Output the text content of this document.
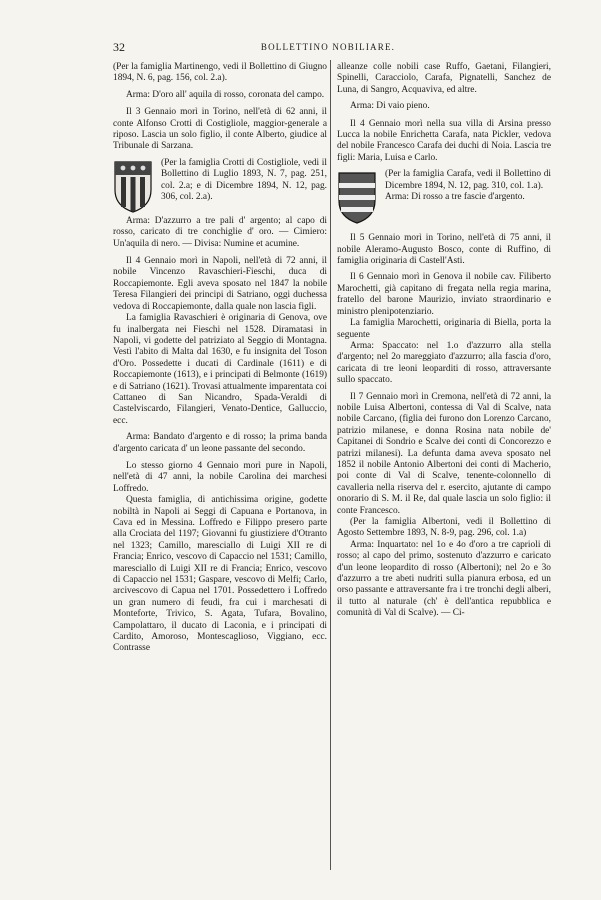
32	BOLLETTINO NOBILIARE.

(Per la famiglia Martinengo, vedi il Bollettino di Giugno 1894, N. 6, pag. 156, col. 2.a).

Arma: D'oro all' aquila di rosso, coronata del campo.

Il 3 Gennaio morì in Torino, nell'età di 62 anni, il conte Alfonso Crotti di Costigliole, maggior-generale a riposo. Lascia un solo figlio, il conte Alberto, giudice al Tribunale di Sarzana.

(Per la famiglia Crotti di Costigliole, vedi il Bollettino di Luglio 1893, N. 7, pag. 251, col. 2.a; e di Dicembre 1894, N. 12, pag. 306, col. 2.a).

Arma: D'azzurro a tre pali d' argento; al capo di rosso, caricato di tre conchiglie d' oro. — Cimiero: Un'aquila di nero. — Divisa: Numine et acumine.

Il 4 Gennaio morì in Napoli, nell'età di 72 anni, il nobile Vincenzo Ravaschieri-Fieschi, duca di Roccapiemonte. Egli aveva sposato nel 1847 la nobile Teresa Filangieri dei principi di Satriano, oggi duchessa vedova di Roccapiemonte, dalla quale non lascia figli.

La famiglia Ravaschieri è originaria di Genova, ove fu inalbergata nei Fieschi nel 1528. Diramatasi in Napoli, vi godette del patriziato al Seggio di Montagna. Vestì l'abito di Malta dal 1630, e fu insignita del Toson d'Oro. Possedette i ducati di Cardinale (1611) e di Roccapiemonte (1613), e i principati di Belmonte (1619) e di Satriano (1621). Trovasi attualmente imparentata coi Cattaneo di San Nicandro, Spada-Veraldi di Castelviscardo, Filangieri, Venato-Dentice, Galluccio, ecc.

Arma: Bandato d'argento e di rosso; la prima banda d'argento caricata d' un leone passante del secondo.

Lo stesso giorno 4 Gennaio morì pure in Napoli, nell'età di 47 anni, la nobile Carolina dei marchesi Loffredo.

Questa famiglia, di antichissima origine, godette nobiltà in Napoli ai Seggi di Capuana e Portanova, in Cava ed in Messina. Loffredo e Filippo presero parte alla Crociata del 1197; Giovanni fu giustiziere d'Otranto nel 1323; Camillo, maresciallo di Luigi XII re di Francia; Enrico, vescovo di Capaccio nel 1531; Camillo, maresciallo di Luigi XII re di Francia; Enrico, vescovo di Capaccio nel 1531; Gaspare, vescovo di Melfi; Carlo, arcivescovo di Capua nel 1701. Possedettero i Loffredo un gran numero di feudi, fra cui i marchesati di Monteforte, Trivico, S. Agata, Tufara, Bovalino, Campolattaro, il ducato di Laconia, e i principati di Cardito, Amoroso, Montescaglioso, Viggiano, ecc. Contrasse

alleanze colle nobili case Ruffo, Gaetani, Filangieri, Spinelli, Caracciolo, Carafa, Pignatelli, Sanchez de Luna, di Sangro, Acquaviva, ed altre.

Arma: Di vaio pieno.

Il 4 Gennaio morì nella sua villa di Arsina presso Lucca la nobile Enrichetta Carafa, nata Pickler, vedova del nobile Francesco Carafa dei duchi di Noia. Lascia tre figli: Maria, Luisa e Carlo.

(Per la famiglia Carafa, vedi il Bollettino di Dicembre 1894, N. 12, pag. 310, col. 1.a).

Arma: Di rosso a tre fascie d'argento.

Il 5 Gennaio morì in Torino, nell'età di 75 anni, il nobile Aleramo-Augusto Bosco, conte di Ruffino, di famiglia originaria di Castell'Asti.

Il 6 Gennaio morì in Genova il nobile cav. Filiberto Marochetti, già capitano di fregata nella regia marina, fratello del barone Maurizio, inviato straordinario e ministro plenipotenziario.

La famiglia Marochetti, originaria di Biella, porta la seguente

Arma: Spaccato: nel 1.o d'azzurro alla stella d'argento; nel 2o mareggiato d'azzurro; alla fascia d'oro, caricata di tre leoni leoparditi di rosso, attraversante sullo spaccato.

Il 7 Gennaio morì in Cremona, nell'età di 72 anni, la nobile Luisa Albertoni, contessa di Val di Scalve, nata nobile Carcano, (figlia dei furono don Lorenzo Carcano, patrizio milanese, e donna Rosina nata nobile de' Capitanei di Sondrio e Scalve dei conti di Concorezzo e patrizi milanesi). La defunta dama aveva sposato nel 1852 il nobile Antonio Albertoni dei conti di Macherio, poi conte di Val di Scalve, tenente-colonnello di cavalleria nella riserva del r. esercito, ajutante di campo onorario di S. M. il Re, dal quale lascia un solo figlio: il conte Francesco.

(Per la famiglia Albertoni, vedi il Bollettino di Agosto Settembre 1893, N. 8-9, pag. 296, col. 1.a)

Arma: Inquartato: nel 1o e 4o d'oro a tre caprioli di rosso; al capo del primo, sostenuto d'azzurro e caricato d'un leone leopardito di rosso (Albertoni); nel 2o e 3o d'azzurro a tre abeti nudriti sulla pianura erbosa, ed un orso passante e attraversante fra i tre tronchi degli alberi, il tutto al naturale (ch' è dell'antica repubblica e comunità di Val di Scalve). — Ci-
